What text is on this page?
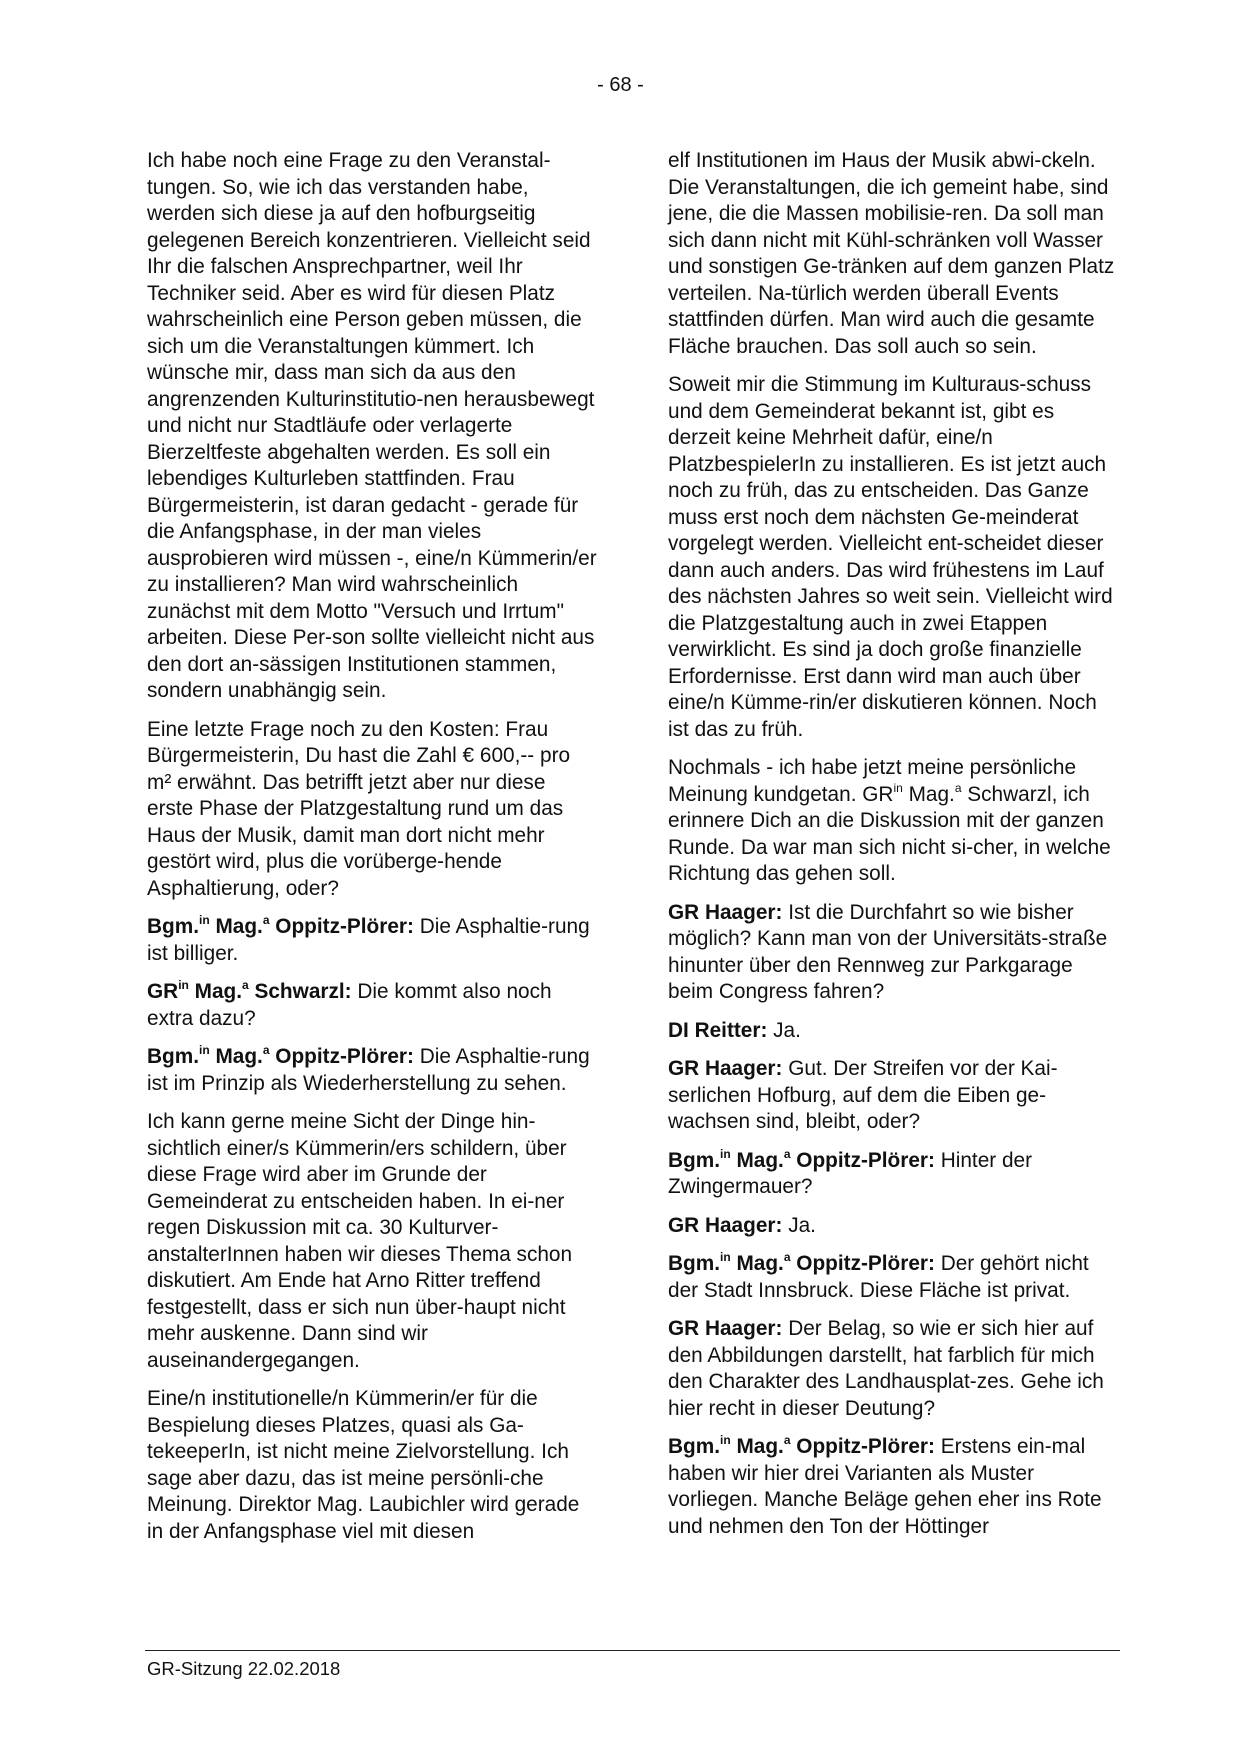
- 68 -

Ich habe noch eine Frage zu den Veranstal-tungen. So, wie ich das verstanden habe, werden sich diese ja auf den hofburgseitig gelegenen Bereich konzentrieren. Vielleicht seid Ihr die falschen Ansprechpartner, weil Ihr Techniker seid. Aber es wird für diesen Platz wahrscheinlich eine Person geben müssen, die sich um die Veranstaltungen kümmert. Ich wünsche mir, dass man sich da aus den angrenzenden Kulturinstitutio-nen herausbewegt und nicht nur Stadtläufe oder verlagerte Bierzeltfeste abgehalten werden. Es soll ein lebendiges Kulturleben stattfinden. Frau Bürgermeisterin, ist daran gedacht - gerade für die Anfangsphase, in der man vieles ausprobieren wird müssen -, eine/n Kümmerin/er zu installieren? Man wird wahrscheinlich zunächst mit dem Motto "Versuch und Irrtum" arbeiten. Diese Per-son sollte vielleicht nicht aus den dort an-sässigen Institutionen stammen, sondern unabhängig sein.

Eine letzte Frage noch zu den Kosten: Frau Bürgermeisterin, Du hast die Zahl € 600,-- pro m² erwähnt. Das betrifft jetzt aber nur diese erste Phase der Platzgestaltung rund um das Haus der Musik, damit man dort nicht mehr gestört wird, plus die vorüberge-hende Asphaltierung, oder?

Bgm.$^{in}$ Mag.$^a$ Oppitz-Plörer: Die Asphaltie-rung ist billiger.

$GR^{in}$ Mag.$^a$ Schwarzl: Die kommt also noch extra dazu?

Bgm.$^{in}$ Mag.$^a$ Oppitz-Plörer: Die Asphaltie-rung ist im Prinzip als Wiederherstellung zu sehen.

Ich kann gerne meine Sicht der Dinge hin-sichtlich einer/s Kümmerin/ers schildern, über diese Frage wird aber im Grunde der Gemeinderat zu entscheiden haben. In ei-ner regen Diskussion mit ca. 30 Kulturver-anstalterInnen haben wir dieses Thema schon diskutiert. Am Ende hat Arno Ritter treffend festgestellt, dass er sich nun über-haupt nicht mehr auskenne. Dann sind wir auseinandergegangen.

Eine/n institutionelle/n Kümmerin/er für die Bespielung dieses Platzes, quasi als Ga-tekeeperIn, ist nicht meine Zielvorstellung. Ich sage aber dazu, das ist meine persönli-che Meinung. Direktor Mag. Laubichler wird gerade in der Anfangsphase viel mit diesen

elf Institutionen im Haus der Musik abwi-ckeln. Die Veranstaltungen, die ich gemeint habe, sind jene, die die Massen mobilisie-ren. Da soll man sich dann nicht mit Kühl-schränken voll Wasser und sonstigen Ge-tränken auf dem ganzen Platz verteilen. Na-türlich werden überall Events stattfinden dürfen. Man wird auch die gesamte Fläche brauchen. Das soll auch so sein.

Soweit mir die Stimmung im Kulturaus-schuss und dem Gemeinderat bekannt ist, gibt es derzeit keine Mehrheit dafür, eine/n PlatzbespielerIn zu installieren. Es ist jetzt auch noch zu früh, das zu entscheiden. Das Ganze muss erst noch dem nächsten Ge-meinderat vorgelegt werden. Vielleicht ent-scheidet dieser dann auch anders. Das wird frühestens im Lauf des nächsten Jahres so weit sein. Vielleicht wird die Platzgestaltung auch in zwei Etappen verwirklicht. Es sind ja doch große finanzielle Erfordernisse. Erst dann wird man auch über eine/n Kümme-rin/er diskutieren können. Noch ist das zu früh.

Nochmals - ich habe jetzt meine persönliche Meinung kundgetan. $GR^{in}$ Mag.$^a$ Schwarzl, ich erinnere Dich an die Diskussion mit der ganzen Runde. Da war man sich nicht si-cher, in welche Richtung das gehen soll.

GR Haager: Ist die Durchfahrt so wie bisher möglich? Kann man von der Universitäts-straße hinunter über den Rennweg zur Parkgarage beim Congress fahren?

DI Reitter: Ja.

GR Haager: Gut. Der Streifen vor der Kai-serlichen Hofburg, auf dem die Eiben ge-wachsen sind, bleibt, oder?

Bgm.$^{in}$ Mag.$^a$ Oppitz-Plörer: Hinter der Zwingermauer?

GR Haager: Ja.

Bgm.$^{in}$ Mag.$^a$ Oppitz-Plörer: Der gehört nicht der Stadt Innsbruck. Diese Fläche ist privat.

GR Haager: Der Belag, so wie er sich hier auf den Abbildungen darstellt, hat farblich für mich den Charakter des Landhausplat-zes. Gehe ich hier recht in dieser Deutung?

Bgm.$^{in}$ Mag.$^a$ Oppitz-Plörer: Erstens ein-mal haben wir hier drei Varianten als Muster vorliegen. Manche Beläge gehen eher ins Rote und nehmen den Ton der Höttinger

GR-Sitzung 22.02.2018
